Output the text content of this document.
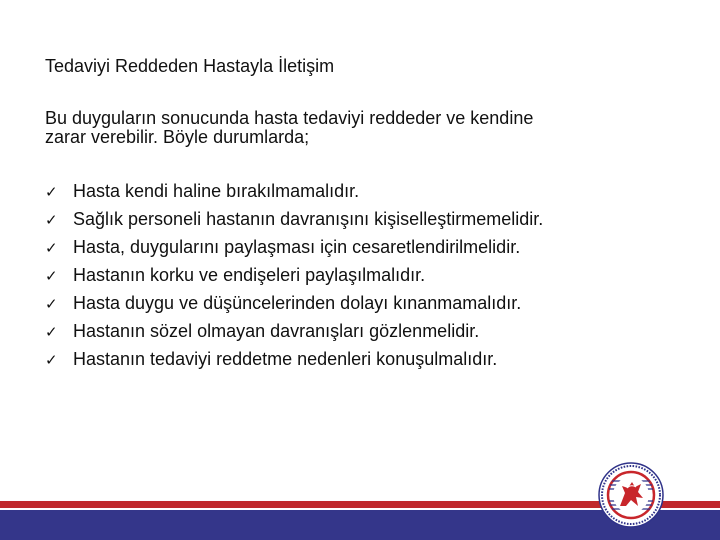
Tedaviyi Reddeden Hastayla İletişim
Bu duyguların sonucunda hasta tedaviyi reddeder ve kendine
zarar verebilir. Böyle durumlarda;
✓ Hasta kendi haline bırakılmamalıdır.
✓ Sağlık personeli hastanın davranışını kişiselleştirmemelidir.
✓ Hasta, duygularını paylaşması için cesaretlendirilmelidir.
✓ Hastanın korku ve endişeleri paylaşılmalıdır.
✓ Hasta duygu ve düşüncelerinden dolayı kınanmamalıdır.
✓ Hastanın sözel olmayan davranışları gözlenmelidir.
✓ Hastanın tedaviyi reddetme nedenleri konuşulmalıdır.
